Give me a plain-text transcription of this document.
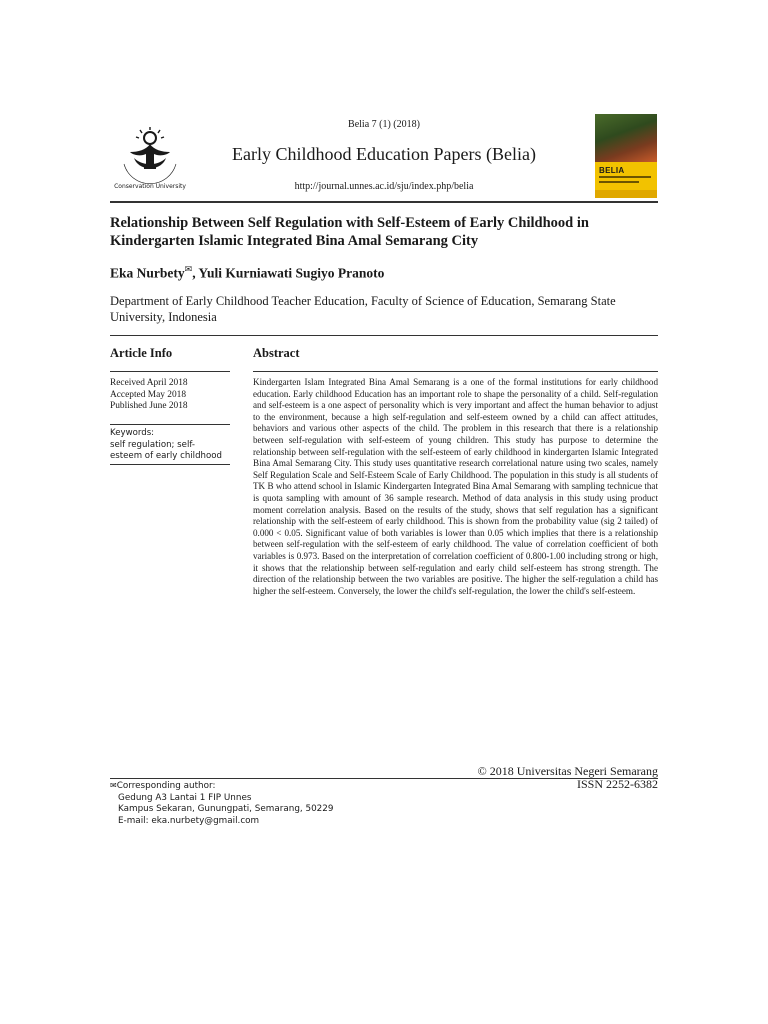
Conservation University
Belia 7 (1) (2018)
Early Childhood Education Papers (Belia)
http://journal.unnes.ac.id/sju/index.php/belia
BELIA
Relationship Between Self Regulation with Self-Esteem of Early Childhood in Kindergarten Islamic Integrated Bina Amal Semarang City
Eka Nurbety✉, Yuli Kurniawati Sugiyo Pranoto
Department of Early Childhood Teacher Education, Faculty of Science of Education, Semarang State University, Indonesia
Article Info
Received April 2018
Accepted May 2018
Published June 2018
Keywords:
self regulation; self-
esteem of early childhood
Abstract
Kindergarten Islam Integrated Bina Amal Semarang is a one of the formal institutions for early childhood education. Early childhood Education has an important role to shape the personality of a child. Self-regulation and self-esteem is a one aspect of personality which is very important and affect the human behavior to adjust to the environment, because a high self-regulation and self-esteem owned by a child can affect attitudes, behaviors and various other aspects of the child. The problem in this research that there is a relationship between self-regulation with self-esteem of young children. This study has purpose to determine the relationship between self-regulation with the self-esteem of early childhood in kindergarten Islamic Integrated Bina Amal Semarang City. This study uses quantitative research correlational nature using two scales, namely Self Regulation Scale and Self-Esteem Scale of Early Childhood. The population in this study is all students of TK B who attend school in Islamic Kindergarten Integrated Bina Amal Semarang with sampling technicue that is quota sampling with amount of 36 sample research. Method of data analysis in this study using product moment correlation analysis. Based on the results of the study, shows that self regulation has a significant relationship with the self-esteem of early childhood. This is shown from the probability value (sig 2 tailed) of 0.000 < 0.05. Significant value of both variables is lower than 0.05 which implies that there is a relationship between self-regulation with the self-esteem of early childhood. The value of correlation coefficient of both variables is 0.973. Based on the interpretation of correlation coefficient of 0.800-1.00 including strong or high, it shows that the relationship between self-regulation and early child self-esteem has strong strength. The direction of the relationship between the two variables are positive. The higher the self-regulation a child has higher the self-esteem. Conversely, the lower the child's self-regulation, the lower the child's self-esteem.
© 2018 Universitas Negeri Semarang
ISSN 2252-6382
✉Corresponding author:
Gedung A3 Lantai 1 FIP Unnes
Kampus Sekaran, Gunungpati, Semarang, 50229
E-mail: eka.nurbety@gmail.com
